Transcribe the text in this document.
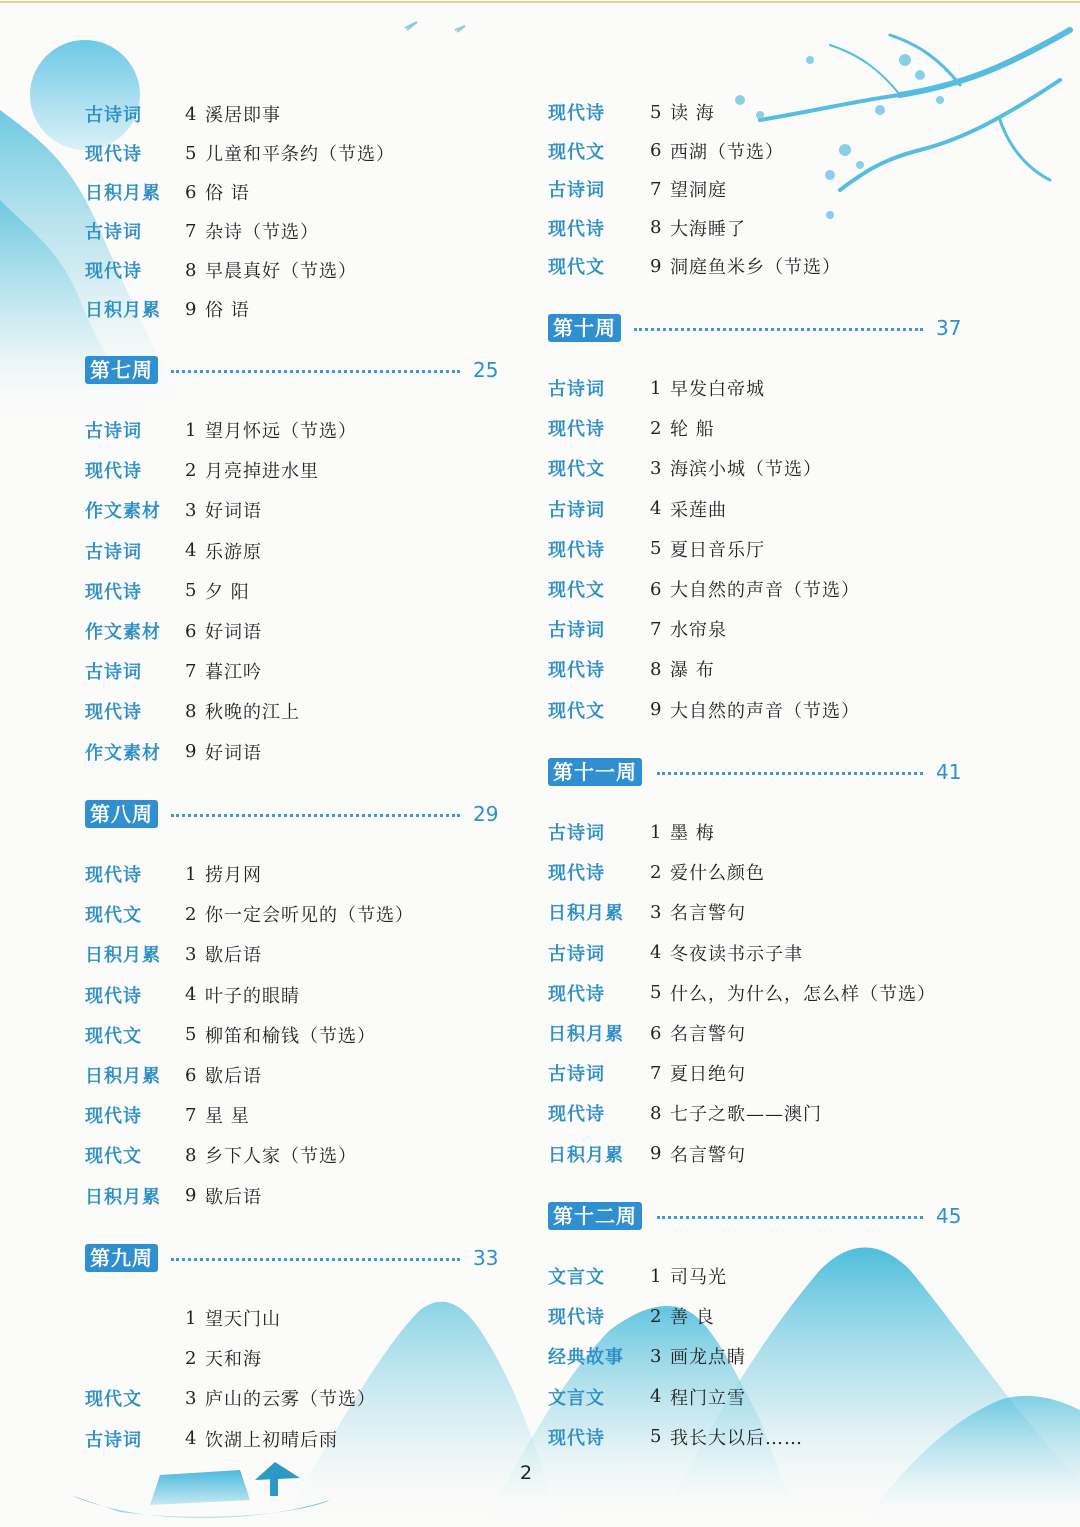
古诗词 4 溪居即事
现代诗 5 儿童和平条约（节选）
日积月累 6 俗 语
古诗词 7 杂诗（节选）
现代诗 8 早晨真好（节选）
日积月累 9 俗 语
第七周	25
古诗词 1 望月怀远（节选）
现代诗 2 月亮掉进水里
作文素材 3 好词语
古诗词 4 乐游原
现代诗 5 夕 阳
作文素材 6 好词语
古诗词 7 暮江吟
现代诗 8 秋晚的江上
作文素材 9 好词语
第八周	29
现代诗 1 捞月网
现代文 2 你一定会听见的（节选）
日积月累 3 歇后语
现代诗 4 叶子的眼睛
现代文 5 柳笛和榆钱（节选）
日积月累 6 歇后语
现代诗 7 星 星
现代文 8 乡下人家（节选）
日积月累 9 歇后语
第九周	33
1 望天门山
2 天和海
现代文 3 庐山的云雾（节选）
古诗词 4 饮湖上初晴后雨
现代诗	5 读 海
现代文	6 西湖（节选）
古诗词	7 望洞庭
现代诗	8 大海睡了
现代文	9 洞庭鱼米乡（节选）
第十周	37
古诗词	1 早发白帝城
现代诗	2 轮 船
现代文	3 海滨小城（节选）
古诗词	4 采莲曲
现代诗	5 夏日音乐厅
现代文	6 大自然的声音（节选）
古诗词	7 水帘泉
现代诗	8 瀑 布
现代文	9 大自然的声音（节选）
第十一周	41
古诗词	1 墨 梅
现代诗	2 爱什么颜色
日积月累 3 名言警句
古诗词	4 冬夜读书示子聿
现代诗	5 什么，为什么，怎么样（节选）
日积月累 6 名言警句
古诗词	7 夏日绝句
现代诗	8 七子之歌——澳门
日积月累 9 名言警句
第十二周	45
文言文	1 司马光
现代诗	2 善 良
经典故事 3 画龙点睛
文言文	4 程门立雪
现代诗	5 我长大以后……
2
